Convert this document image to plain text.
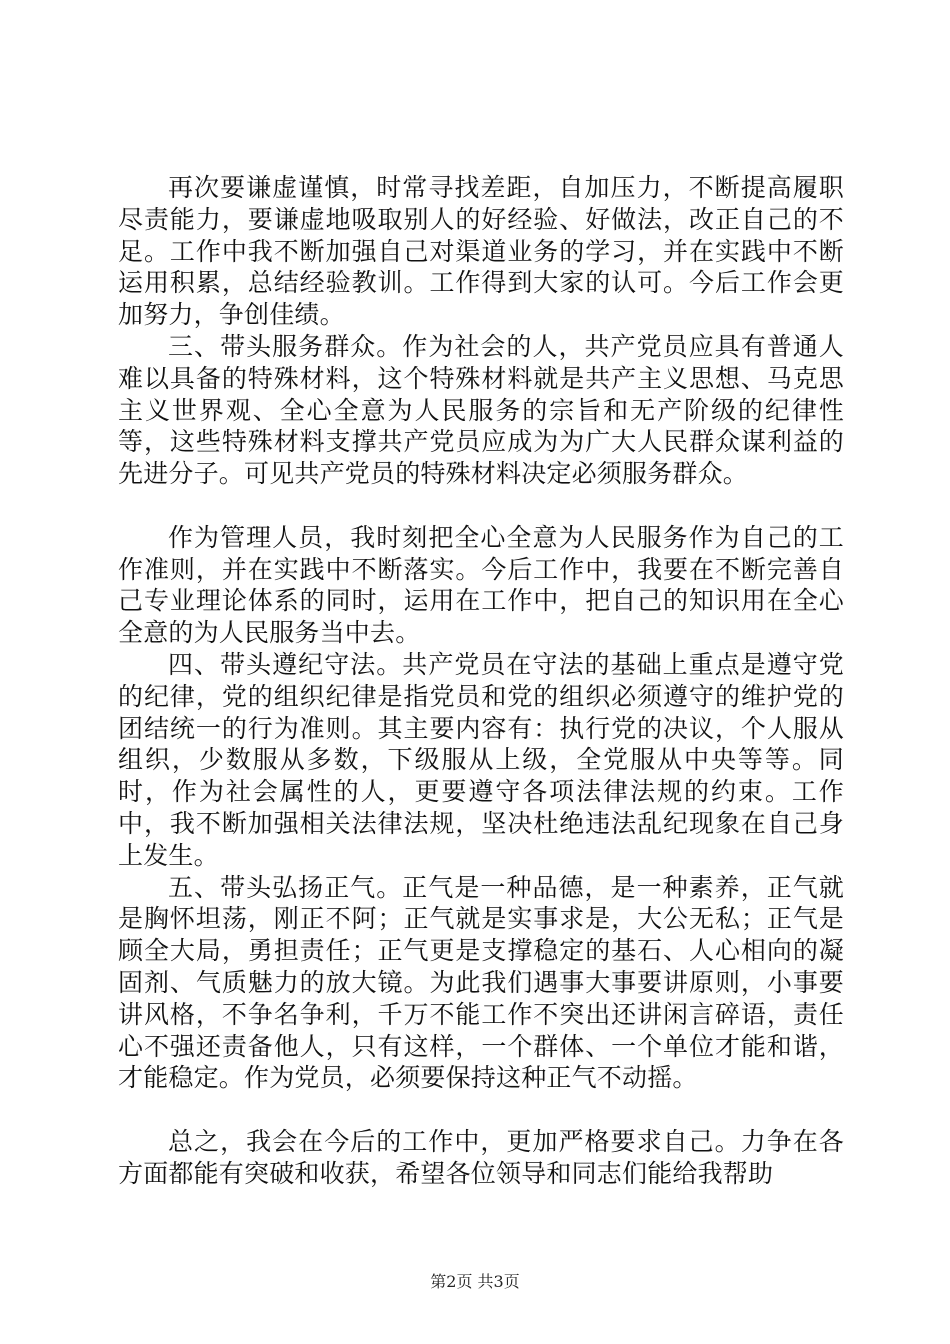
再次要谦虚谨慎，时常寻找差距，自加压力，不断提高履职尽责能力，要谦虚地吸取别人的好经验、好做法，改正自己的不足。工作中我不断加强自己对渠道业务的学习，并在实践中不断运用积累，总结经验教训。工作得到大家的认可。今后工作会更加努力，争创佳绩。

三、带头服务群众。作为社会的人，共产党员应具有普通人难以具备的特殊材料，这个特殊材料就是共产主义思想、马克思主义世界观、全心全意为人民服务的宗旨和无产阶级的纪律性等，这些特殊材料支撑共产党员应成为为广大人民群众谋利益的先进分子。可见共产党员的特殊材料决定必须服务群众。

作为管理人员，我时刻把全心全意为人民服务作为自己的工作准则，并在实践中不断落实。今后工作中，我要在不断完善自己专业理论体系的同时，运用在工作中，把自己的知识用在全心全意的为人民服务当中去。

四、带头遵纪守法。共产党员在守法的基础上重点是遵守党的纪律，党的组织纪律是指党员和党的组织必须遵守的维护党的团结统一的行为准则。其主要内容有：执行党的决议，个人服从组织，少数服从多数，下级服从上级，全党服从中央等等。同时，作为社会属性的人，更要遵守各项法律法规的约束。工作中，我不断加强相关法律法规，坚决杜绝违法乱纪现象在自己身上发生。

五、带头弘扬正气。正气是一种品德，是一种素养，正气就是胸怀坦荡，刚正不阿；正气就是实事求是，大公无私；正气是顾全大局，勇担责任；正气更是支撑稳定的基石、人心相向的凝固剂、气质魅力的放大镜。为此我们遇事大事要讲原则，小事要讲风格，不争名争利，千万不能工作不突出还讲闲言碎语，责任心不强还责备他人，只有这样，一个群体、一个单位才能和谐，才能稳定。作为党员，必须要保持这种正气不动摇。

总之，我会在今后的工作中，更加严格要求自己。力争在各方面都能有突破和收获，希望各位领导和同志们能给我帮助

第2页 共3页
